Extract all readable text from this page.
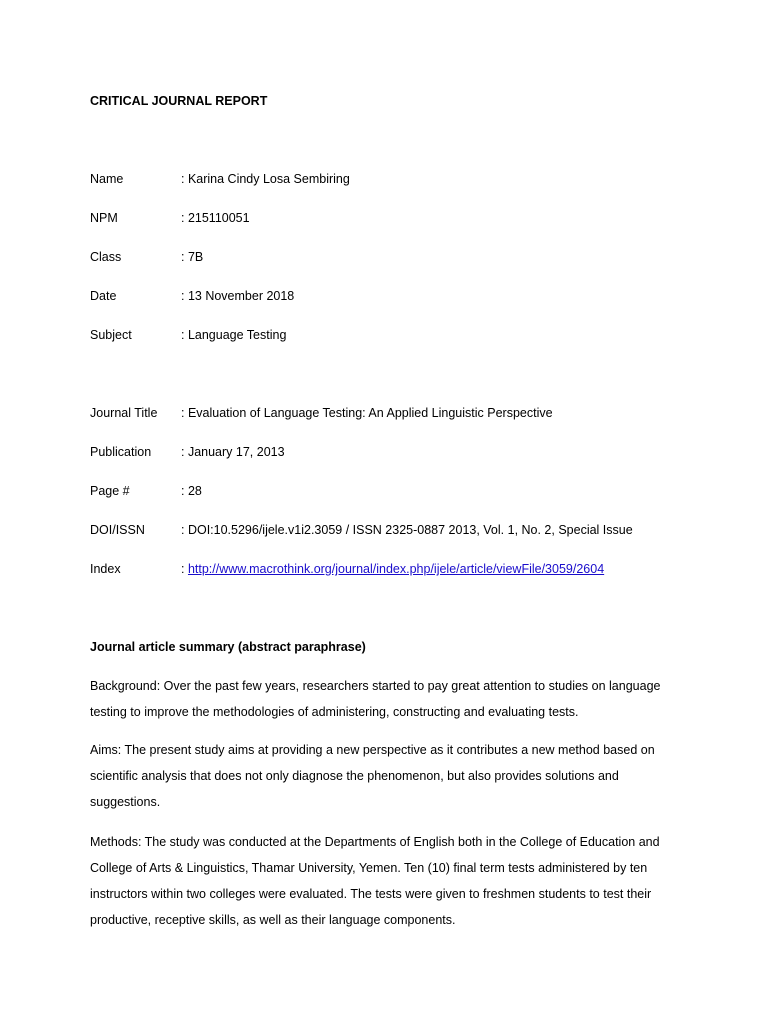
CRITICAL JOURNAL REPORT
Name	: Karina Cindy Losa Sembiring
NPM	: 215110051
Class	: 7B
Date	: 13 November 2018
Subject	: Language Testing
Journal Title : Evaluation of Language Testing: An Applied Linguistic Perspective
Publication : January 17, 2013
Page #	: 28
DOI/ISSN	: DOI:10.5296/ijele.v1i2.3059 / ISSN 2325-0887 2013, Vol. 1, No. 2, Special Issue
Index	: http://www.macrothink.org/journal/index.php/ijele/article/viewFile/3059/2604
Journal article summary (abstract paraphrase)

Background: Over the past few years, researchers started to pay great attention to studies on language testing to improve the methodologies of administering, constructing and evaluating tests.

Aims: The present study aims at providing a new perspective as it contributes a new method based on scientific analysis that does not only diagnose the phenomenon, but also provides solutions and suggestions.

Methods: The study was conducted at the Departments of English both in the College of Education and College of Arts & Linguistics, Thamar University, Yemen. Ten (10) final term tests administered by ten instructors within two colleges were evaluated. The tests were given to freshmen students to test their productive, receptive skills, as well as their language components.
